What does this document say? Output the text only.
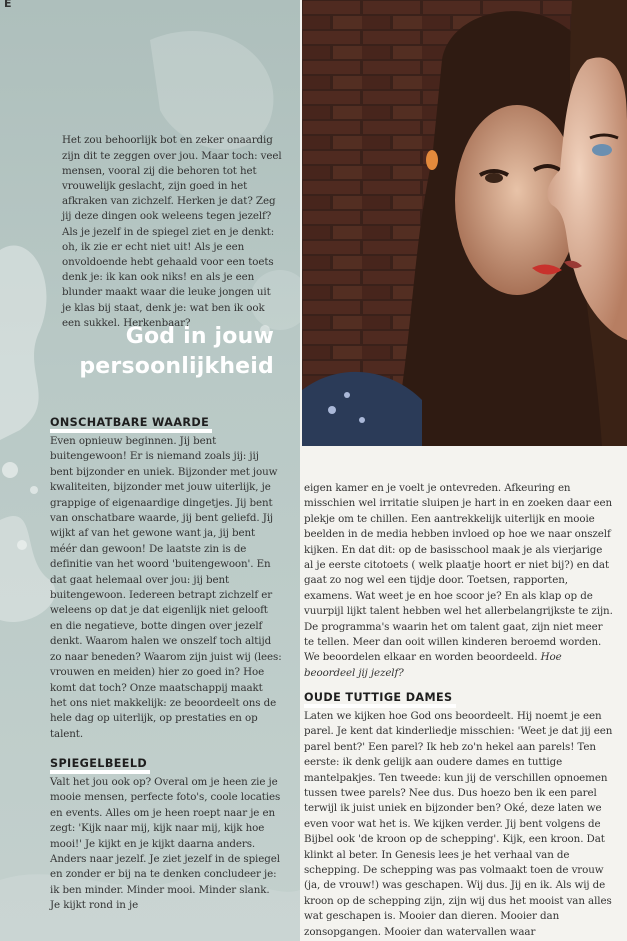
E

Het zou behoorlijk bot en zeker onaardig zijn dit te zeggen over jou. Maar toch: veel mensen, vooral zij die behoren tot het vrouwelijk geslacht, zijn goed in het afkraken van zichzelf. Herken je dat? Zeg jij deze dingen ook weleens tegen jezelf? Als je jezelf in de spiegel ziet en je denkt: oh, ik zie er echt niet uit! Als je een onvoldoende hebt gehaald voor een toets denk je: ik kan ook niks! en als je een blunder maakt waar die leuke jongen uit je klas bij staat, denk je: wat ben ik ook een sukkel. Herkenbaar?

God in jouw
persoonlijkheid
ONSCHATBARE WAARDE

Even opnieuw beginnen. Jij bent buitengewoon! Er is niemand zoals jij: jij bent bijzonder en uniek. Bijzonder met jouw kwaliteiten, bijzonder met jouw uiterlijk, je grappige of eigenaardige dingetjes. Jij bent van onschatbare waarde, jij bent geliefd. Jij wijkt af van het gewone want ja, jij bent méér dan gewoon! De laatste zin is de definitie van het woord 'buitengewoon'. En dat gaat helemaal over jou: jij bent buitengewoon. Iedereen betrapt zichzelf er weleens op dat je dat eigenlijk niet gelooft en die negatieve, botte dingen over jezelf denkt. Waarom halen we onszelf toch altijd zo naar beneden? Waarom zijn juist wij (lees: vrouwen en meiden) hier zo goed in? Hoe komt dat toch? Onze maatschappij maakt het ons niet makkelijk: ze beoordeelt ons de hele dag op uiterlijk, op prestaties en op talent.

SPIEGELBEELD

Valt het jou ook op? Overal om je heen zie je mooie mensen, perfecte foto's, coole locaties en events. Alles om je heen roept naar je en zegt: 'Kijk naar mij, kijk naar mij, kijk hoe mooi!' Je kijkt en je kijkt daarna anders. Anders naar jezelf. Je ziet jezelf in de spiegel en zonder er bij na te denken concludeer je: ik ben minder. Minder mooi. Minder slank. Je kijkt rond in je

eigen kamer en je voelt je ontevreden. Afkeuring en misschien wel irritatie sluipen je hart in en zoeken daar een plekje om te chillen. Een aantrekkelijk uiterlijk en mooie beelden in de media hebben invloed op hoe we naar onszelf kijken. En dat dit: op de basisschool maak je als vierjarige al je eerste citotoets ( welk plaatje hoort er niet bij?) en dat gaat zo nog wel een tijdje door. Toetsen, rapporten, examens. Wat weet je en hoe scoor je? En als klap op de vuurpijl lijkt talent hebben wel het allerbelangrijkste te zijn. De programma's waarin het om talent gaat, zijn niet meer te tellen. Meer dan ooit willen kinderen beroemd worden. We beoordelen elkaar en worden beoordeeld. Hoe beoordeel jij jezelf?

OUDE TUTTIGE DAMES

Laten we kijken hoe God ons beoordeelt. Hij noemt je een parel. Je kent dat kinderliedje misschien: 'Weet je dat jij een parel bent?' Een parel? Ik heb zo'n hekel aan parels! Ten eerste: ik denk gelijk aan oudere dames en tuttige mantelpakjes. Ten tweede: kun jij de verschillen opnoemen tussen twee parels? Nee dus. Dus hoezo ben ik een parel terwijl ik juist uniek en bijzonder ben? Oké, deze laten we even voor wat het is. We kijken verder. Jij bent volgens de Bijbel ook 'de kroon op de schepping'. Kijk, een kroon. Dat klinkt al beter. In Genesis lees je het verhaal van de schepping. De schepping was pas volmaakt toen de vrouw (ja, de vrouw!) was geschapen. Wij dus. Jij en ik. Als wij de kroon op de schepping zijn, zijn wij dus het mooist van alles wat geschapen is. Mooier dan dieren. Mooier dan zonsopgangen. Mooier dan watervallen waar
